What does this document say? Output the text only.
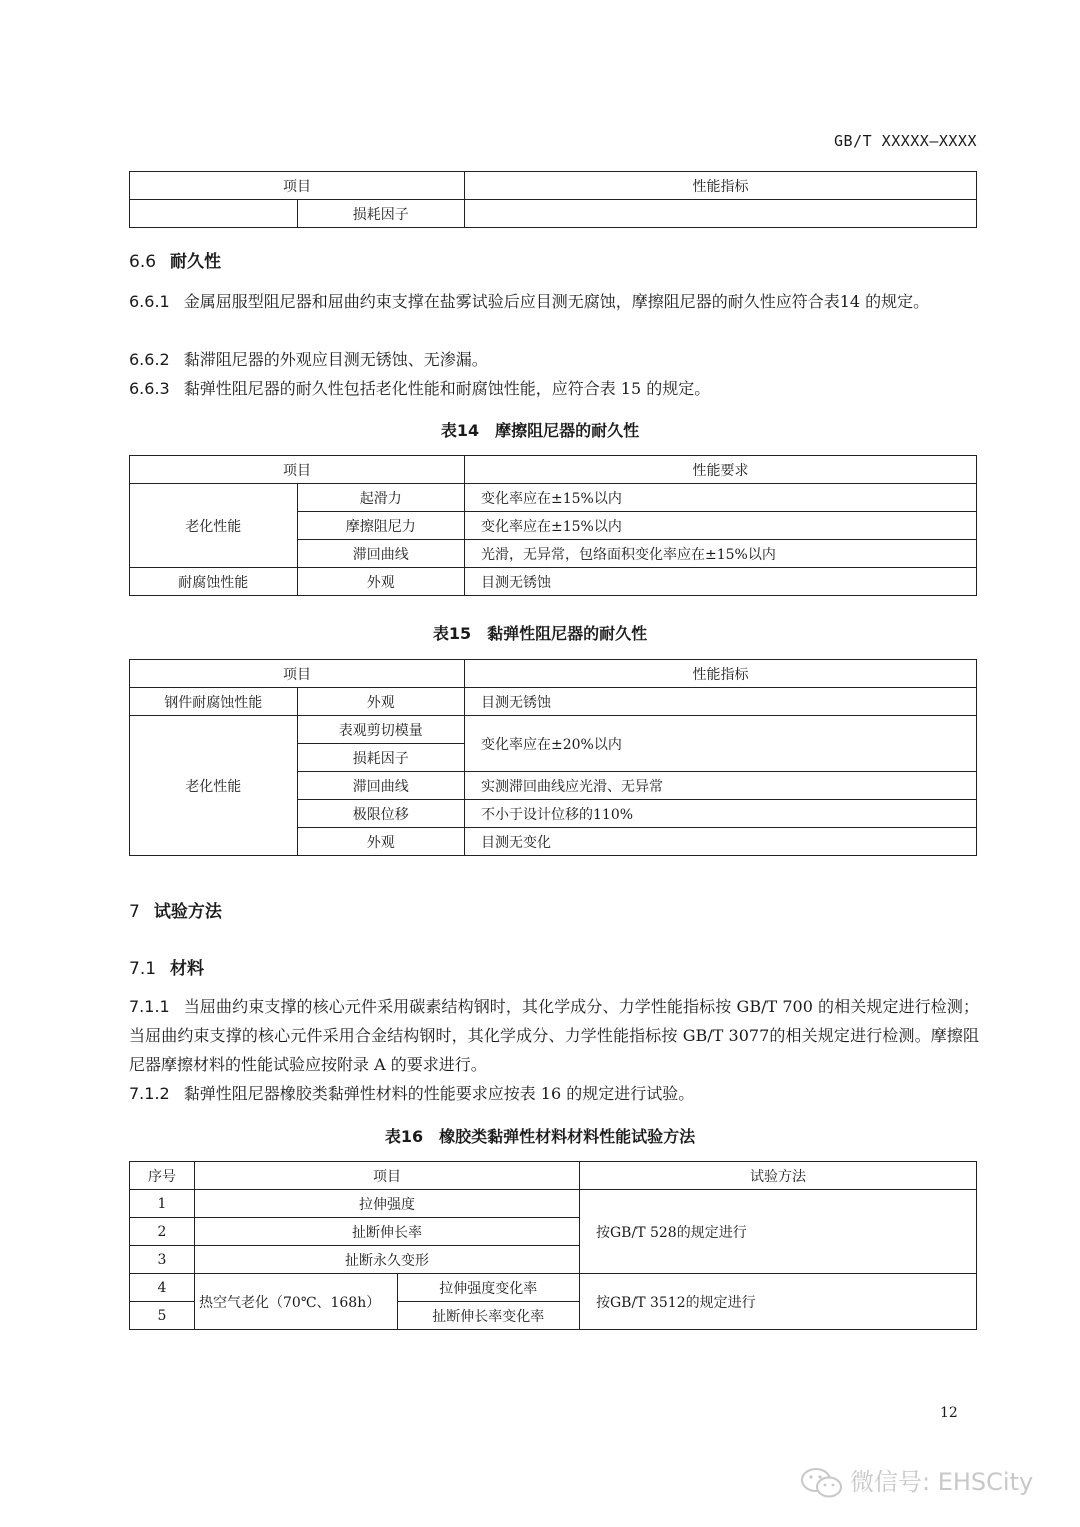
GB/T XXXXX—XXXX
项目		性能指标
	损耗因子	
6.6 耐久性
6.6.1 金属屈服型阻尼器和屈曲约束支撑在盐雾试验后应目测无腐蚀，摩擦阻尼器的耐久性应符合表14 的规定。
6.6.2 黏滞阻尼器的外观应目测无锈蚀、无渗漏。
6.6.3 黏弹性阻尼器的耐久性包括老化性能和耐腐蚀性能，应符合表 15 的规定。
表14　摩擦阻尼器的耐久性
项目		性能要求
老化性能	起滑力	变化率应在±15%以内
	摩擦阻尼力	变化率应在±15%以内
	滞回曲线	光滑，无异常，包络面积变化率应在±15%以内
耐腐蚀性能	外观	目测无锈蚀
表15　黏弹性阻尼器的耐久性
项目		性能指标
钢件耐腐蚀性能	外观	目测无锈蚀
老化性能	表观剪切模量	变化率应在±20%以内
	损耗因子	
	滞回曲线	实测滞回曲线应光滑、无异常
	极限位移	不小于设计位移的110%
	外观	目测无变化
7 试验方法
7.1 材料
7.1.1 当屈曲约束支撑的核心元件采用碳素结构钢时，其化学成分、力学性能指标按 GB/T 700 的相关规定进行检测；当屈曲约束支撑的核心元件采用合金结构钢时，其化学成分、力学性能指标按 GB/T 3077的相关规定进行检测。摩擦阻尼器摩擦材料的性能试验应按附录 A 的要求进行。
7.1.2 黏弹性阻尼器橡胶类黏弹性材料的性能要求应按表 16 的规定进行试验。
表16　橡胶类黏弹性材料材料性能试验方法
序号	项目		试验方法
1	拉伸强度		按GB/T 528的规定进行
2	扯断伸长率		
3	扯断永久变形		
4	热空气老化（70℃、168h）	拉伸强度变化率	按GB/T 3512的规定进行
5		扯断伸长率变化率	
12
微信号: EHSCity
